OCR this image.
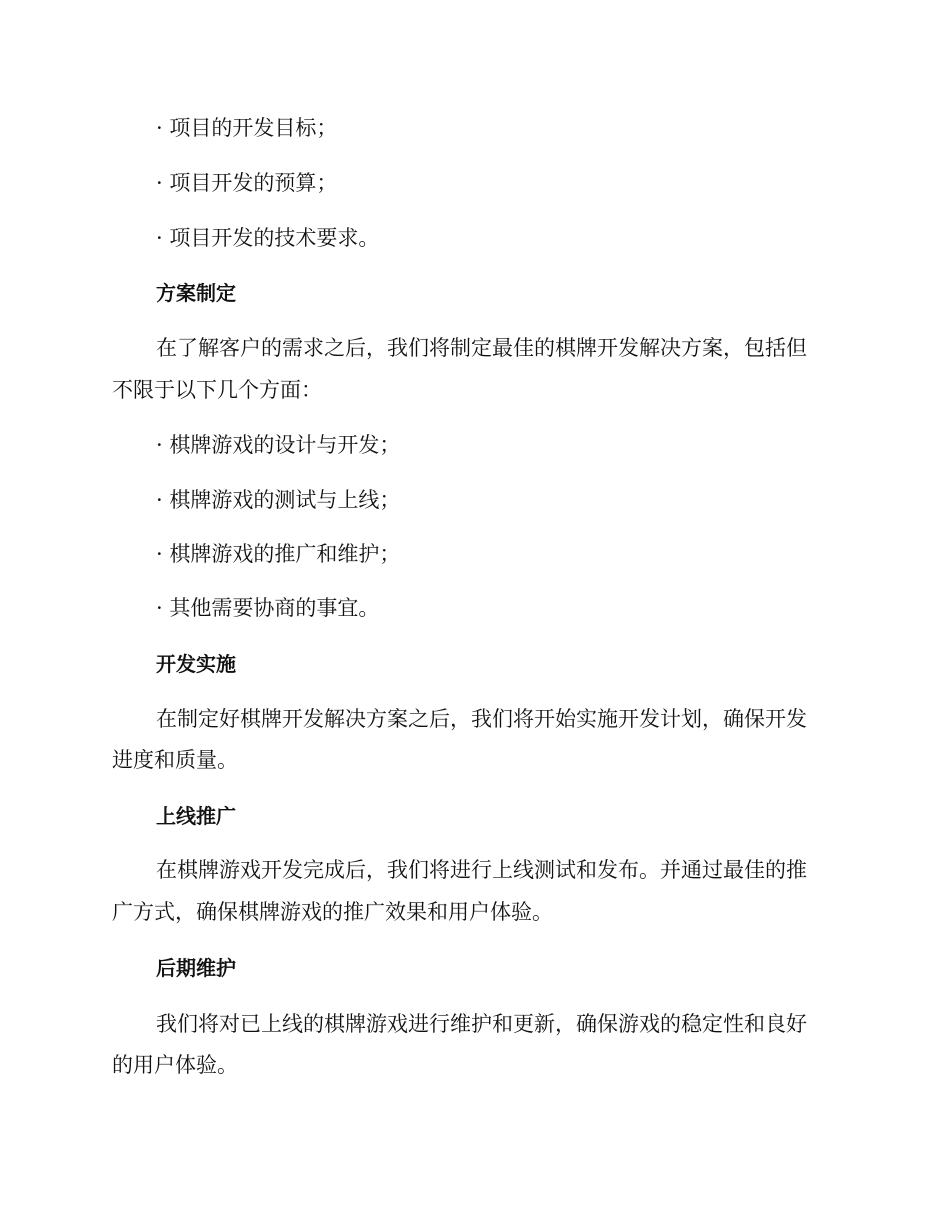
· 项目的开发目标；
· 项目开发的预算；
· 项目开发的技术要求。
方案制定
在了解客户的需求之后，我们将制定最佳的棋牌开发解决方案，包括但
不限于以下几个方面：
· 棋牌游戏的设计与开发；
· 棋牌游戏的测试与上线；
· 棋牌游戏的推广和维护；
· 其他需要协商的事宜。
开发实施
在制定好棋牌开发解决方案之后，我们将开始实施开发计划，确保开发
进度和质量。
上线推广
在棋牌游戏开发完成后，我们将进行上线测试和发布。并通过最佳的推
广方式，确保棋牌游戏的推广效果和用户体验。
后期维护
我们将对已上线的棋牌游戏进行维护和更新，确保游戏的稳定性和良好
的用户体验。
